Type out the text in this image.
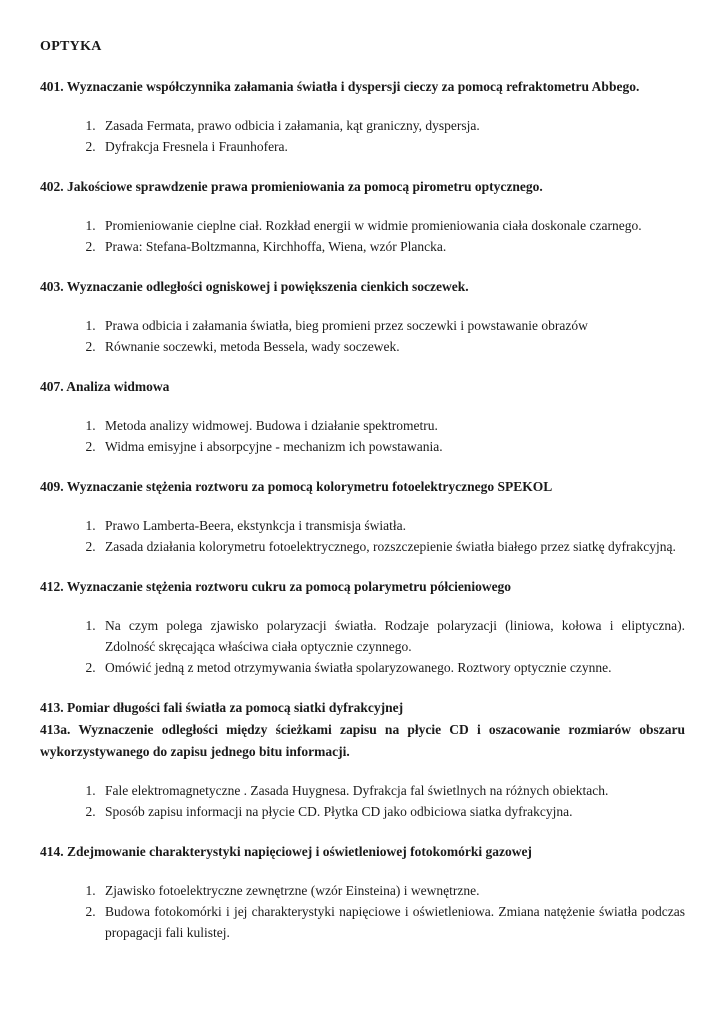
OPTYKA
401. Wyznaczanie współczynnika załamania światła i dyspersji cieczy za pomocą refraktometru Abbego.
1. Zasada Fermata, prawo odbicia i załamania, kąt graniczny, dyspersja.
2. Dyfrakcja Fresnela i Fraunhofera.
402. Jakościowe sprawdzenie prawa promieniowania za pomocą pirometru optycznego.
1. Promieniowanie cieplne ciał. Rozkład energii w widmie promieniowania ciała doskonale czarnego.
2. Prawa: Stefana-Boltzmanna, Kirchhoffa, Wiena, wzór Plancka.
403. Wyznaczanie odległości ogniskowej i powiększenia cienkich soczewek.
1. Prawa odbicia i załamania światła, bieg promieni przez soczewki i powstawanie obrazów
2. Równanie soczewki, metoda Bessela, wady soczewek.
407. Analiza widmowa
1. Metoda analizy widmowej. Budowa i działanie spektrometru.
2. Widma emisyjne i absorpcyjne - mechanizm ich powstawania.
409. Wyznaczanie stężenia roztworu za pomocą kolorymetru fotoelektrycznego SPEKOL
1. Prawo Lamberta-Beera, ekstynkcja i transmisja światła.
2. Zasada działania kolorymetru fotoelektrycznego, rozszczepienie światła białego przez siatkę dyfrakcyjną.
412. Wyznaczanie stężenia roztworu cukru za pomocą polarymetru półcieniowego
1. Na czym polega zjawisko polaryzacji światła. Rodzaje polaryzacji (liniowa, kołowa i eliptyczna). Zdolność skręcająca właściwa ciała optycznie czynnego.
2. Omówić jedną z metod otrzymywania światła spolaryzowanego. Roztwory optycznie czynne.
413. Pomiar długości fali światła za pomocą siatki dyfrakcyjnej
413a. Wyznaczenie odległości między ścieżkami zapisu na płycie CD i oszacowanie rozmiarów obszaru wykorzystywanego do zapisu jednego bitu informacji.
1. Fale elektromagnetyczne . Zasada Huygnesa. Dyfrakcja fal świetlnych na różnych obiektach.
2. Sposób zapisu informacji na płycie CD. Płytka CD jako odbiciowa siatka dyfrakcyjna.
414. Zdejmowanie charakterystyki napięciowej i oświetleniowej fotokomórki gazowej
1. Zjawisko fotoelektryczne zewnętrzne (wzór Einsteina) i wewnętrzne.
2. Budowa fotokomórki i jej charakterystyki napięciowe i oświetleniowa. Zmiana natężenie światła podczas propagacji fali kulistej.
